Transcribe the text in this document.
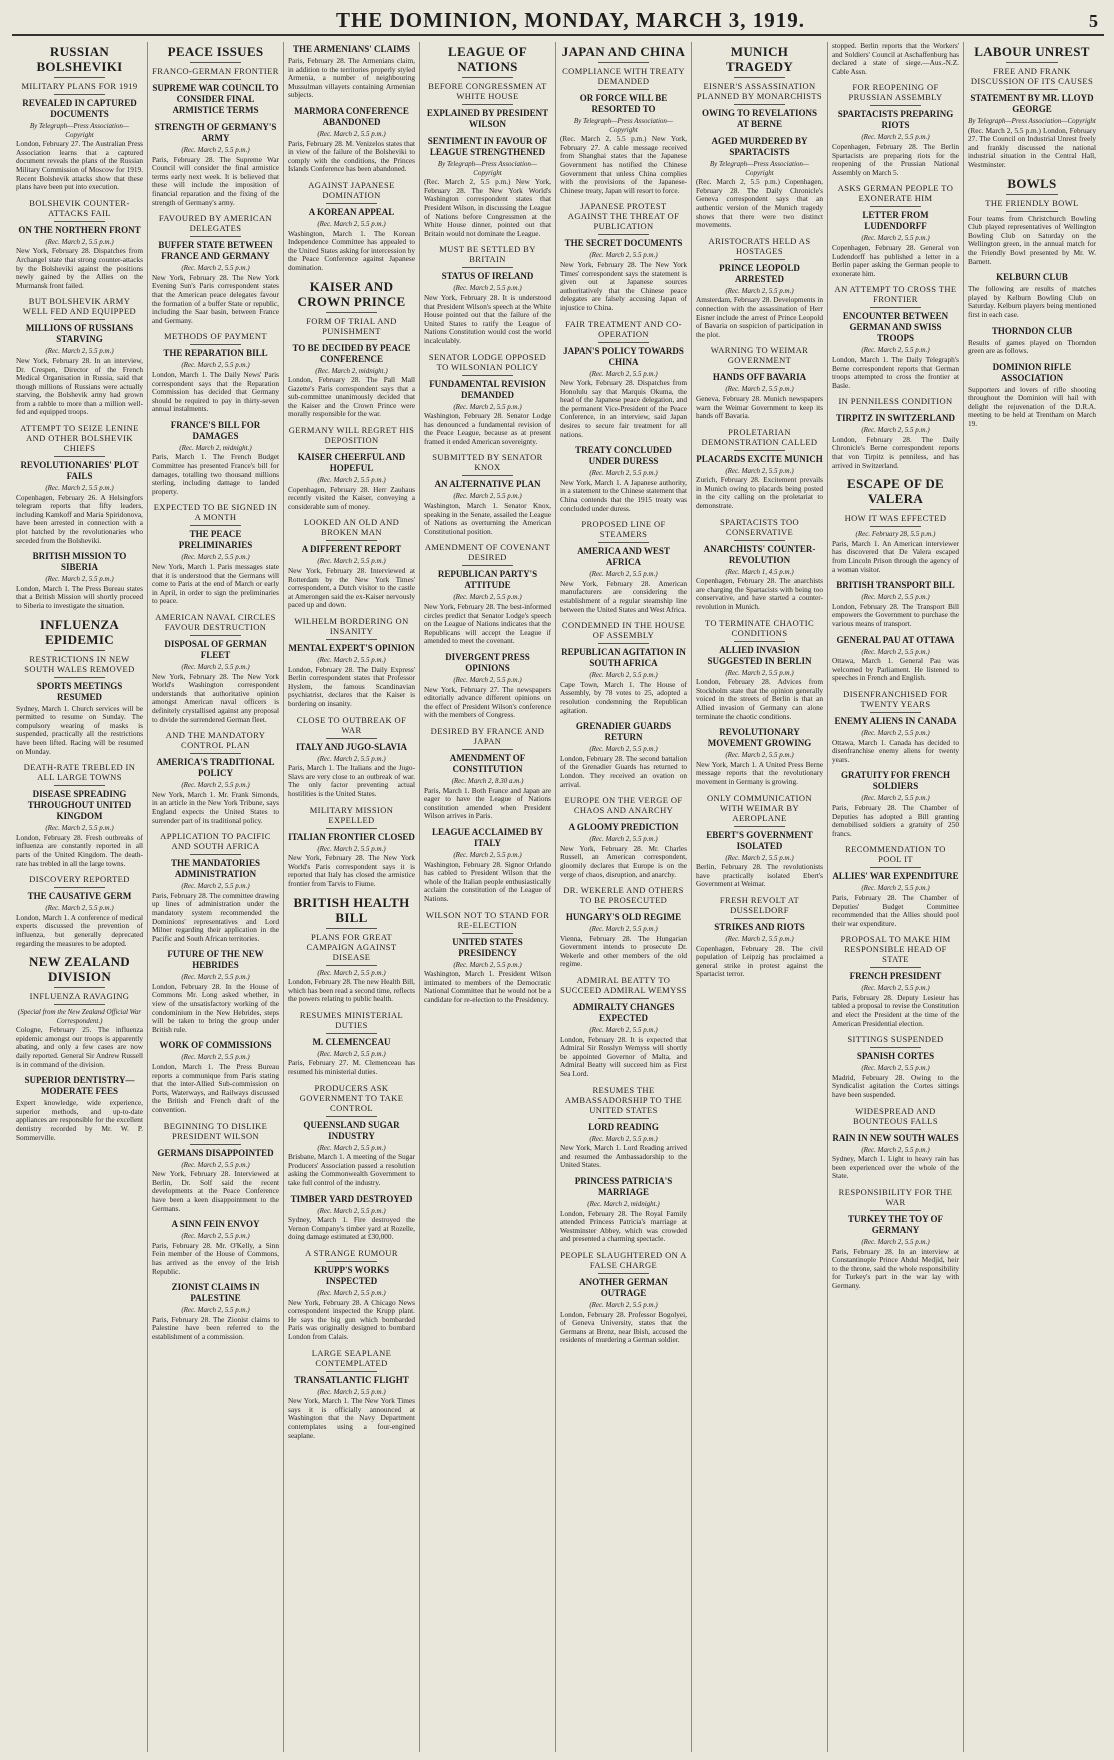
THE DOMINION, MONDAY, MARCH 3, 1919.	5
RUSSIAN BOLSHEVIKI
MILITARY PLANS FOR 1919
REVEALED IN CAPTURED DOCUMENTS
By Telegraph—Press Association—Copyright
London, February 27. The Australian Press Association learns that a captured document reveals the plans of the Russian Military Commission of Moscow for 1919. Recent Bolshevik attacks show that these plans have been put into execution.
BOLSHEVIK COUNTER-ATTACKS FAIL
ON THE NORTHERN FRONT
(Rec. March 2, 5.5 p.m.)
New York, February 28. Dispatches from Archangel state that strong counter-attacks by the Bolsheviki against the positions newly gained by the Allies on the Murmansk front failed.
BUT BOLSHEVIK ARMY WELL FED AND EQUIPPED
MILLIONS OF RUSSIANS STARVING
(Rec. March 2, 5.5 p.m.)
New York, February 28. In an interview, Dr. Crespen, Director of the French Medical Organisation in Russia, said that though millions of Russians were actually starving, the Bolshevik army had grown from a rabble to more than a million well-fed and equipped troops.
ATTEMPT TO SEIZE LENINE AND OTHER BOLSHEVIK CHIEFS
REVOLUTIONARIES' PLOT FAILS
(Rec. March 2, 5.5 p.m.)
Copenhagen, February 26. A Helsingfors telegram reports that fifty leaders, including Kamkoff and Maria Spiridonova, have been arrested in connection with a plot hatched by the revolutionaries who seceded from the Bolsheviki.
BRITISH MISSION TO SIBERIA
(Rec. March 2, 5.5 p.m.)
London, March 1. The Press Bureau states that a British Mission will shortly proceed to Siberia to investigate the situation.
INFLUENZA EPIDEMIC
RESTRICTIONS IN NEW SOUTH WALES REMOVED
SPORTS MEETINGS RESUMED
Sydney, March 1. Church services will be permitted to resume on Sunday. The compulsory wearing of masks is suspended, practically all the restrictions have been lifted. Racing will be resumed on Monday.
DEATH-RATE TREBLED IN ALL LARGE TOWNS
DISEASE SPREADING THROUGHOUT UNITED KINGDOM
(Rec. March 2, 5.5 p.m.)
London, February 28. Fresh outbreaks of influenza are constantly reported in all parts of the United Kingdom. The death-rate has trebled in all the large towns.
DISCOVERY REPORTED
THE CAUSATIVE GERM
(Rec. March 2, 5.5 p.m.)
London, March 1. A conference of medical experts discussed the prevention of influenza, but generally deprecated regarding the measures to be adopted.
NEW ZEALAND DIVISION
INFLUENZA RAVAGING
(Special from the New Zealand Official War Correspondent.)
Cologne, February 25. The influenza epidemic amongst our troops is apparently abating, and only a few cases are now daily reported. General Sir Andrew Russell is in command of the division.
SUPERIOR DENTISTRY—MODERATE FEES
Expert knowledge, wide experience, superior methods, and up-to-date appliances are responsible for the excellent dentistry recorded by Mr. W. P. Sommerville.
PEACE ISSUES
FRANCO-GERMAN FRONTIER
SUPREME WAR COUNCIL TO CONSIDER FINAL ARMISTICE TERMS
STRENGTH OF GERMANY'S ARMY
(Rec. March 2, 5.5 p.m.)
Paris, February 28. The Supreme War Council will consider the final armistice terms early next week. It is believed that these will include the imposition of financial reparation and the fixing of the strength of Germany's army.
FAVOURED BY AMERICAN DELEGATES
BUFFER STATE BETWEEN FRANCE AND GERMANY
(Rec. March 2, 5.5 p.m.)
New York, February 28. The New York Evening Sun's Paris correspondent states that the American peace delegates favour the formation of a buffer State or republic, including the Saar basin, between France and Germany.
METHODS OF PAYMENT
THE REPARATION BILL
(Rec. March 2, 5.5 p.m.)
London, March 1. The Daily News' Paris correspondent says that the Reparation Commission has decided that Germany should be required to pay in thirty-seven annual instalments.
FRANCE'S BILL FOR DAMAGES
(Rec. March 2, midnight.)
Paris, March 1. The French Budget Committee has presented France's bill for damages, totalling two thousand millions sterling, including damage to landed property.
EXPECTED TO BE SIGNED IN A MONTH
THE PEACE PRELIMINARIES
(Rec. March 2, 5.5 p.m.)
New York, March 1. Paris messages state that it is understood that the Germans will come to Paris at the end of March or early in April, in order to sign the preliminaries to peace.
AMERICAN NAVAL CIRCLES FAVOUR DESTRUCTION
DISPOSAL OF GERMAN FLEET
(Rec. March 2, 5.5 p.m.)
New York, February 28. The New York World's Washington correspondent understands that authoritative opinion amongst American naval officers is definitely crystallised against any proposal to divide the surrendered German fleet.
AND THE MANDATORY CONTROL PLAN
AMERICA'S TRADITIONAL POLICY
(Rec. March 2, 5.5 p.m.)
New York, March 1. Mr. Frank Simonds, in an article in the New York Tribune, says England expects the United States to surrender part of its traditional policy.
APPLICATION TO PACIFIC AND SOUTH AFRICA
THE MANDATORIES ADMINISTRATION
(Rec. March 2, 5.5 p.m.)
Paris, February 28. The committee drawing up lines of administration under the mandatory system recommended the Dominions' representatives and Lord Milner regarding their application in the Pacific and South African territories.
FUTURE OF THE NEW HEBRIDES
(Rec. March 2, 5.5 p.m.)
London, February 28. In the House of Commons Mr. Long asked whether, in view of the unsatisfactory working of the condominium in the New Hebrides, steps will be taken to bring the group under British rule.
WORK OF COMMISSIONS
(Rec. March 2, 5.5 p.m.)
London, March 1. The Press Bureau reports a communique from Paris stating that the inter-Allied Sub-commission on Ports, Waterways, and Railways discussed the British and French draft of the convention.
BEGINNING TO DISLIKE PRESIDENT WILSON
GERMANS DISAPPOINTED
(Rec. March 2, 5.5 p.m.)
New York, February 28. Interviewed at Berlin, Dr. Solf said the recent developments at the Peace Conference have been a keen disappointment to the Germans.
A SINN FEIN ENVOY
(Rec. March 2, 5.5 p.m.)
Paris, February 28. Mr. O'Kelly, a Sinn Fein member of the House of Commons, has arrived as the envoy of the Irish Republic.
ZIONIST CLAIMS IN PALESTINE
(Rec. March 2, 5.5 p.m.)
Paris, February 28. The Zionist claims to Palestine have been referred to the establishment of a commission.
THE ARMENIANS' CLAIMS
Paris, February 28. The Armenians claim, in addition to the territories properly styled Armenia, a number of neighbouring Mussulman villayets containing Armenian subjects.
MARMORA CONFERENCE ABANDONED
(Rec. March 2, 5.5 p.m.)
Paris, February 28. M. Venizelos states that in view of the failure of the Bolsheviki to comply with the conditions, the Princes Islands Conference has been abandoned.
AGAINST JAPANESE DOMINATION
A KOREAN APPEAL
(Rec. March 2, 5.5 p.m.)
Washington, March 1. The Korean Independence Committee has appealed to the United States asking for intercession by the Peace Conference against Japanese domination.
KAISER AND CROWN PRINCE
FORM OF TRIAL AND PUNISHMENT
TO BE DECIDED BY PEACE CONFERENCE
(Rec. March 2, midnight.)
London, February 28. The Pall Mall Gazette's Paris correspondent says that a sub-committee unanimously decided that the Kaiser and the Crown Prince were morally responsible for the war.
GERMANY WILL REGRET HIS DEPOSITION
KAISER CHEERFUL AND HOPEFUL
(Rec. March 2, 5.5 p.m.)
Copenhagen, February 28. Herr Zauhaus recently visited the Kaiser, conveying a considerable sum of money.
LOOKED AN OLD AND BROKEN MAN
A DIFFERENT REPORT
(Rec. March 2, 5.5 p.m.)
New York, February 28. Interviewed at Rotterdam by the New York Times' correspondent, a Dutch visitor to the castle at Amerongen said the ex-Kaiser nervously paced up and down.
WILHELM BORDERING ON INSANITY
MENTAL EXPERT'S OPINION
(Rec. March 2, 5.5 p.m.)
London, February 28. The Daily Express' Berlin correspondent states that Professor Hyslem, the famous Scandinavian psychiatrist, declares that the Kaiser is bordering on insanity.
CLOSE TO OUTBREAK OF WAR
ITALY AND JUGO-SLAVIA
(Rec. March 2, 5.5 p.m.)
Paris, March 1. The Italians and the Jugo-Slavs are very close to an outbreak of war. The only factor preventing actual hostilities is the United States.
MILITARY MISSION EXPELLED
ITALIAN FRONTIER CLOSED
(Rec. March 2, 5.5 p.m.)
New York, February 28. The New York World's Paris correspondent says it is reported that Italy has closed the armistice frontier from Tarvis to Fiume.
BRITISH HEALTH BILL
PLANS FOR GREAT CAMPAIGN AGAINST DISEASE
(Rec. March 2, 5.5 p.m.)
London, February 28. The new Health Bill, which has been read a second time, reflects the powers relating to public health.
RESUMES MINISTERIAL DUTIES
M. CLEMENCEAU
(Rec. March 2, 5.5 p.m.)
Paris, February 27. M. Clemenceau has resumed his ministerial duties.
PRODUCERS ASK GOVERNMENT TO TAKE CONTROL
QUEENSLAND SUGAR INDUSTRY
(Rec. March 2, 5.5 p.m.)
Brisbane, March 1. A meeting of the Sugar Producers' Association passed a resolution asking the Commonwealth Government to take full control of the industry.
TIMBER YARD DESTROYED
(Rec. March 2, 5.5 p.m.)
Sydney, March 1. Fire destroyed the Vernon Company's timber yard at Rozelle, doing damage estimated at £30,000.
A STRANGE RUMOUR
KRUPP'S WORKS INSPECTED
(Rec. March 2, 5.5 p.m.)
New York, February 28. A Chicago News correspondent inspected the Krupp plant. He says the big gun which bombarded Paris was originally designed to bombard London from Calais.
LARGE SEAPLANE CONTEMPLATED
TRANSATLANTIC FLIGHT
(Rec. March 2, 5.5 p.m.)
New York, March 1. The New York Times says it is officially announced at Washington that the Navy Department contemplates using a four-engined seaplane.
LEAGUE OF NATIONS
BEFORE CONGRESSMEN AT WHITE HOUSE
EXPLAINED BY PRESIDENT WILSON
SENTIMENT IN FAVOUR OF LEAGUE STRENGTHENED
By Telegraph—Press Association—Copyright
(Rec. March 2, 5.5 p.m.) New York, February 28. The New York World's Washington correspondent states that President Wilson, in discussing the League of Nations before Congressmen at the White House dinner, pointed out that Britain would not dominate the League.
MUST BE SETTLED BY BRITAIN
STATUS OF IRELAND
(Rec. March 2, 5.5 p.m.)
New York, February 28. It is understood that President Wilson's speech at the White House pointed out that the failure of the United States to ratify the League of Nations Constitution would cost the world incalculably.
SENATOR LODGE OPPOSED TO WILSONIAN POLICY
FUNDAMENTAL REVISION DEMANDED
(Rec. March 2, 5.5 p.m.)
Washington, February 28. Senator Lodge has denounced a fundamental revision of the Peace League, because as at present framed it ended American sovereignty.
SUBMITTED BY SENATOR KNOX
AN ALTERNATIVE PLAN
(Rec. March 2, 5.5 p.m.)
Washington, March 1. Senator Knox, speaking in the Senate, assailed the League of Nations as overturning the American Constitutional position.
AMENDMENT OF COVENANT DESIRED
REPUBLICAN PARTY'S ATTITUDE
(Rec. March 2, 5.5 p.m.)
New York, February 28. The best-informed circles predict that Senator Lodge's speech on the League of Nations indicates that the Republicans will accept the League if amended to meet the covenant.
DIVERGENT PRESS OPINIONS
(Rec. March 2, 5.5 p.m.)
New York, February 27. The newspapers editorially advance different opinions on the effect of President Wilson's conference with the members of Congress.
DESIRED BY FRANCE AND JAPAN
AMENDMENT OF CONSTITUTION
(Rec. March 2, 8.30 a.m.)
Paris, March 1. Both France and Japan are eager to have the League of Nations constitution amended when President Wilson arrives in Paris.
LEAGUE ACCLAIMED BY ITALY
(Rec. March 2, 5.5 p.m.)
Washington, February 28. Signor Orlando has cabled to President Wilson that the whole of the Italian people enthusiastically acclaim the constitution of the League of Nations.
WILSON NOT TO STAND FOR RE-ELECTION
UNITED STATES PRESIDENCY
(Rec. March 2, 5.5 p.m.)
Washington, March 1. President Wilson intimated to members of the Democratic National Committee that he would not be a candidate for re-election to the Presidency.
JAPAN AND CHINA
COMPLIANCE WITH TREATY DEMANDED
OR FORCE WILL BE RESORTED TO
By Telegraph—Press Association—Copyright
(Rec. March 2, 5.5 p.m.) New York, February 27. A cable message received from Shanghai states that the Japanese Government has notified the Chinese Government that unless China complies with the provisions of the Japanese-Chinese treaty, Japan will resort to force.
JAPANESE PROTEST AGAINST THE THREAT OF PUBLICATION
THE SECRET DOCUMENTS
(Rec. March 2, 5.5 p.m.)
New York, February 28. The New York Times' correspondent says the statement is given out at Japanese sources authoritatively that the Chinese peace delegates are falsely accusing Japan of injustice to China.
FAIR TREATMENT AND CO-OPERATION
JAPAN'S POLICY TOWARDS CHINA
(Rec. March 2, 5.5 p.m.)
New York, February 28. Dispatches from Honolulu say that Marquis Okuma, the head of the Japanese peace delegation, and the permanent Vice-President of the Peace Conference, in an interview, said Japan desires to secure fair treatment for all nations.
TREATY CONCLUDED UNDER DURESS
(Rec. March 2, 5.5 p.m.)
New York, March 1. A Japanese authority, in a statement to the Chinese statement that China contends that the 1915 treaty was concluded under duress.
PROPOSED LINE OF STEAMERS
AMERICA AND WEST AFRICA
(Rec. March 2, 5.5 p.m.)
New York, February 28. American manufacturers are considering the establishment of a regular steamship line between the United States and West Africa.
CONDEMNED IN THE HOUSE OF ASSEMBLY
REPUBLICAN AGITATION IN SOUTH AFRICA
(Rec. March 2, 5.5 p.m.)
Cape Town, March 1. The House of Assembly, by 78 votes to 25, adopted a resolution condemning the Republican agitation.
GRENADIER GUARDS RETURN
(Rec. March 2, 5.5 p.m.)
London, February 28. The second battalion of the Grenadier Guards has returned to London. They received an ovation on arrival.
EUROPE ON THE VERGE OF CHAOS AND ANARCHY
A GLOOMY PREDICTION
(Rec. March 2, 5.5 p.m.)
New York, February 28. Mr. Charles Russell, an American correspondent, gloomily declares that Europe is on the verge of chaos, disruption, and anarchy.
DR. WEKERLE AND OTHERS TO BE PROSECUTED
HUNGARY'S OLD REGIME
(Rec. March 2, 5.5 p.m.)
Vienna, February 28. The Hungarian Government intends to prosecute Dr. Wekerle and other members of the old regime.
ADMIRAL BEATTY TO SUCCEED ADMIRAL WEMYSS
ADMIRALTY CHANGES EXPECTED
(Rec. March 2, 5.5 p.m.)
London, February 28. It is expected that Admiral Sir Rosslyn Wemyss will shortly be appointed Governor of Malta, and Admiral Beatty will succeed him as First Sea Lord.
RESUMES THE AMBASSADORSHIP TO THE UNITED STATES
LORD READING
(Rec. March 2, 5.5 p.m.)
New York, March 1. Lord Reading arrived and resumed the Ambassadorship to the United States.
PRINCESS PATRICIA'S MARRIAGE
(Rec. March 2, midnight.)
London, February 28. The Royal Family attended Princess Patricia's marriage at Westminster Abbey, which was crowded and presented a charming spectacle.
PEOPLE SLAUGHTERED ON A FALSE CHARGE
ANOTHER GERMAN OUTRAGE
(Rec. March 2, 5.5 p.m.)
London, February 28. Professor Bogolyei, of Geneva University, states that the Germans at Brenz, near Ibish, accused the residents of murdering a German soldier.
MUNICH TRAGEDY
EISNER'S ASSASSINATION PLANNED BY MONARCHISTS
OWING TO REVELATIONS AT BERNE
AGED MURDERED BY SPARTACISTS
By Telegraph—Press Association—Copyright
(Rec. March 2, 5.5 p.m.) Copenhagen, February 28. The Daily Chronicle's Geneva correspondent says that an authentic version of the Munich tragedy shows that there were two distinct movements.
ARISTOCRATS HELD AS HOSTAGES
PRINCE LEOPOLD ARRESTED
(Rec. March 2, 5.5 p.m.)
Amsterdam, February 28. Developments in connection with the assassination of Herr Eisner include the arrest of Prince Leopold of Bavaria on suspicion of participation in the plot.
WARNING TO WEIMAR GOVERNMENT
HANDS OFF BAVARIA
(Rec. March 2, 5.5 p.m.)
Geneva, February 28. Munich newspapers warn the Weimar Government to keep its hands off Bavaria.
PROLETARIAN DEMONSTRATION CALLED
PLACARDS EXCITE MUNICH
(Rec. March 2, 5.5 p.m.)
Zurich, February 28. Excitement prevails in Munich owing to placards being posted in the city calling on the proletariat to demonstrate.
SPARTACISTS TOO CONSERVATIVE
ANARCHISTS' COUNTER-REVOLUTION
(Rec. March 1, 4.5 p.m.)
Copenhagen, February 28. The anarchists are charging the Spartacists with being too conservative, and have started a counter-revolution in Munich.
TO TERMINATE CHAOTIC CONDITIONS
ALLIED INVASION SUGGESTED IN BERLIN
(Rec. March 2, 5.5 p.m.)
London, February 28. Advices from Stockholm state that the opinion generally voiced in the streets of Berlin is that an Allied invasion of Germany can alone terminate the chaotic conditions.
REVOLUTIONARY MOVEMENT GROWING
(Rec. March 2, 5.5 p.m.)
New York, March 1. A United Press Berne message reports that the revolutionary movement in Germany is growing.
ONLY COMMUNICATION WITH WEIMAR BY AEROPLANE
EBERT'S GOVERNMENT ISOLATED
(Rec. March 2, 5.5 p.m.)
Berlin, February 28. The revolutionists have practically isolated Ebert's Government at Weimar.
FRESH REVOLT AT DUSSELDORF
STRIKES AND RIOTS
(Rec. March 2, 5.5 p.m.)
Copenhagen, February 28. The civil population of Leipzig has proclaimed a general strike in protest against the Spartacist terror.
stopped. Berlin reports that the Workers' and Soldiers' Council at Aschaffenburg has declared a state of siege.—Aus.-N.Z. Cable Assn.
FOR REOPENING OF PRUSSIAN ASSEMBLY
SPARTACISTS PREPARING RIOTS
(Rec. March 2, 5.5 p.m.)
Copenhagen, February 28. The Berlin Spartacists are preparing riots for the reopening of the Prussian National Assembly on March 5.
ASKS GERMAN PEOPLE TO EXONERATE HIM
LETTER FROM LUDENDORFF
(Rec. March 2, 5.5 p.m.)
Copenhagen, February 28. General von Ludendorff has published a letter in a Berlin paper asking the German people to exonerate him.
AN ATTEMPT TO CROSS THE FRONTIER
ENCOUNTER BETWEEN GERMAN AND SWISS TROOPS
(Rec. March 2, 5.5 p.m.)
London, March 1. The Daily Telegraph's Berne correspondent reports that German troops attempted to cross the frontier at Basle.
IN PENNILESS CONDITION
TIRPITZ IN SWITZERLAND
(Rec. March 2, 5.5 p.m.)
London, February 28. The Daily Chronicle's Berne correspondent reports that von Tirpitz is penniless, and has arrived in Switzerland.
ESCAPE OF DE VALERA
HOW IT WAS EFFECTED
(Rec. February 28, 5.5 p.m.)
Paris, March 1. An American interviewer has discovered that De Valera escaped from Lincoln Prison through the agency of a woman visitor.
BRITISH TRANSPORT BILL
(Rec. March 2, 5.5 p.m.)
London, February 28. The Transport Bill empowers the Government to purchase the various means of transport.
GENERAL PAU AT OTTAWA
(Rec. March 2, 5.5 p.m.)
Ottawa, March 1. General Pau was welcomed by Parliament. He listened to speeches in French and English.
DISENFRANCHISED FOR TWENTY YEARS
ENEMY ALIENS IN CANADA
(Rec. March 2, 5.5 p.m.)
Ottawa, March 1. Canada has decided to disenfranchise enemy aliens for twenty years.
GRATUITY FOR FRENCH SOLDIERS
(Rec. March 2, 5.5 p.m.)
Paris, February 28. The Chamber of Deputies has adopted a Bill granting demobilised soldiers a gratuity of 250 francs.
RECOMMENDATION TO POOL IT
ALLIES' WAR EXPENDITURE
(Rec. March 2, 5.5 p.m.)
Paris, February 28. The Chamber of Deputies' Budget Committee recommended that the Allies should pool their war expenditure.
PROPOSAL TO MAKE HIM RESPONSIBLE HEAD OF STATE
FRENCH PRESIDENT
(Rec. March 2, 5.5 p.m.)
Paris, February 28. Deputy Lesieur has tabled a proposal to revise the Constitution and elect the President at the time of the American Presidential election.
SITTINGS SUSPENDED
SPANISH CORTES
(Rec. March 2, 5.5 p.m.)
Madrid, February 28. Owing to the Syndicalist agitation the Cortes sittings have been suspended.
WIDESPREAD AND BOUNTEOUS FALLS
RAIN IN NEW SOUTH WALES
(Rec. March 2, 5.5 p.m.)
Sydney, March 1. Light to heavy rain has been experienced over the whole of the State.
RESPONSIBILITY FOR THE WAR
TURKEY THE TOY OF GERMANY
(Rec. March 2, 5.5 p.m.)
Paris, February 28. In an interview at Constantinople Prince Abdul Medjid, heir to the throne, said the whole responsibility for Turkey's part in the war lay with Germany.
LABOUR UNREST
FREE AND FRANK DISCUSSION OF ITS CAUSES
STATEMENT BY MR. LLOYD GEORGE
By Telegraph—Press Association—Copyright
(Rec. March 2, 5.5 p.m.) London, February 27. The Council on Industrial Unrest freely and frankly discussed the national industrial situation in the Central Hall, Westminster.
BOWLS
THE FRIENDLY BOWL
Four teams from Christchurch Bowling Club played representatives of Wellington Bowling Club on Saturday on the Wellington green, in the annual match for the Friendly Bowl presented by Mr. W. Barnett.
KELBURN CLUB
The following are results of matches played by Kelburn Bowling Club on Saturday. Kelburn players being mentioned first in each case.
THORNDON CLUB
Results of games played on Thorndon green are as follows.
DOMINION RIFLE ASSOCIATION
Supporters and lovers of rifle shooting throughout the Dominion will hail with delight the rejuvenation of the D.R.A. meeting to be held at Trentham on March 19.
